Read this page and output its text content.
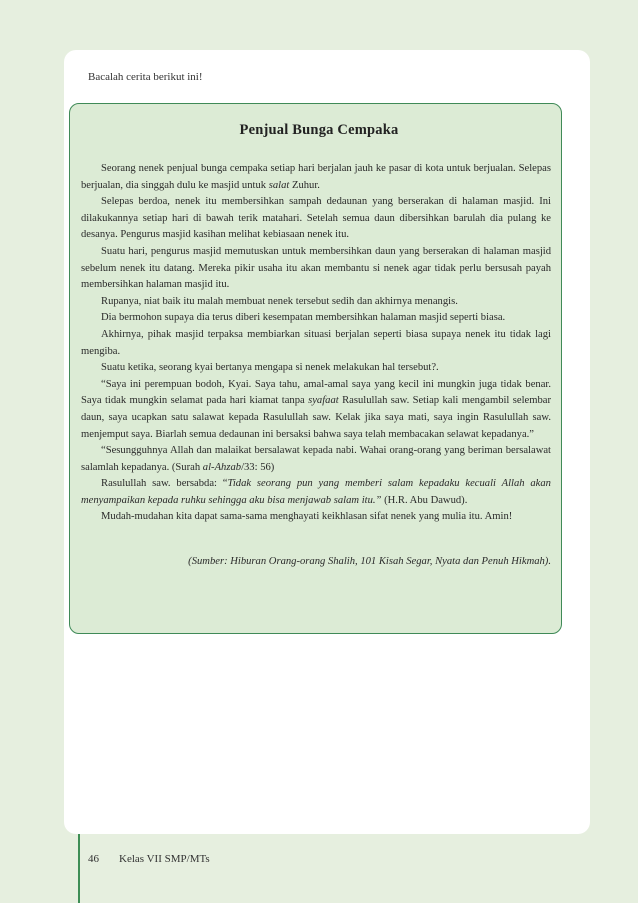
Bacalah cerita berikut ini!
Penjual Bunga Cempaka

Seorang nenek penjual bunga cempaka setiap hari berjalan jauh ke pasar di kota untuk berjualan. Selepas berjualan, dia singgah dulu ke masjid untuk salat Zuhur.

Selepas berdoa, nenek itu membersihkan sampah dedaunan yang berserakan di halaman masjid. Ini dilakukannya setiap hari di bawah terik matahari. Setelah semua daun dibersihkan barulah dia pulang ke desanya. Pengurus masjid kasihan melihat kebiasaan nenek itu.

Suatu hari, pengurus masjid memutuskan untuk membersihkan daun yang berserakan di halaman masjid sebelum nenek itu datang. Mereka pikir usaha itu akan membantu si nenek agar tidak perlu bersusah payah membersihkan halaman masjid itu.

Rupanya, niat baik itu malah membuat nenek tersebut sedih dan akhirnya menangis.

Dia bermohon supaya dia terus diberi kesempatan membersihkan halaman masjid seperti biasa.

Akhirnya, pihak masjid terpaksa membiarkan situasi berjalan seperti biasa supaya nenek itu tidak lagi mengiba.

Suatu ketika, seorang kyai bertanya mengapa si nenek melakukan hal tersebut?.

“Saya ini perempuan bodoh, Kyai. Saya tahu, amal-amal saya yang kecil ini mungkin juga tidak benar. Saya tidak mungkin selamat pada hari kiamat tanpa syafaat Rasulullah saw. Setiap kali mengambil selembar daun, saya ucapkan satu salawat kepada Rasulullah saw. Kelak jika saya mati, saya ingin Rasulullah saw. menjemput saya. Biarlah semua dedaunan ini bersaksi bahwa saya telah membacakan selawat kepadanya.”

“Sesungguhnya Allah dan malaikat bersalawat kepada nabi. Wahai orang-orang yang beriman bersalawat salamlah kepadanya. (Surah al-Ahzab/33: 56)

Rasulullah saw. bersabda: “Tidak seorang pun yang memberi salam kepadaku kecuali Allah akan menyampaikan kepada ruhku sehingga aku bisa menjawab salam itu.” (H.R. Abu Dawud).

Mudah-mudahan kita dapat sama-sama menghayati keikhlasan sifat nenek yang mulia itu. Amin!

(Sumber: Hiburan Orang-orang Shalih, 101 Kisah Segar, Nyata dan Penuh Hikmah).
46 Kelas VII SMP/MTs
